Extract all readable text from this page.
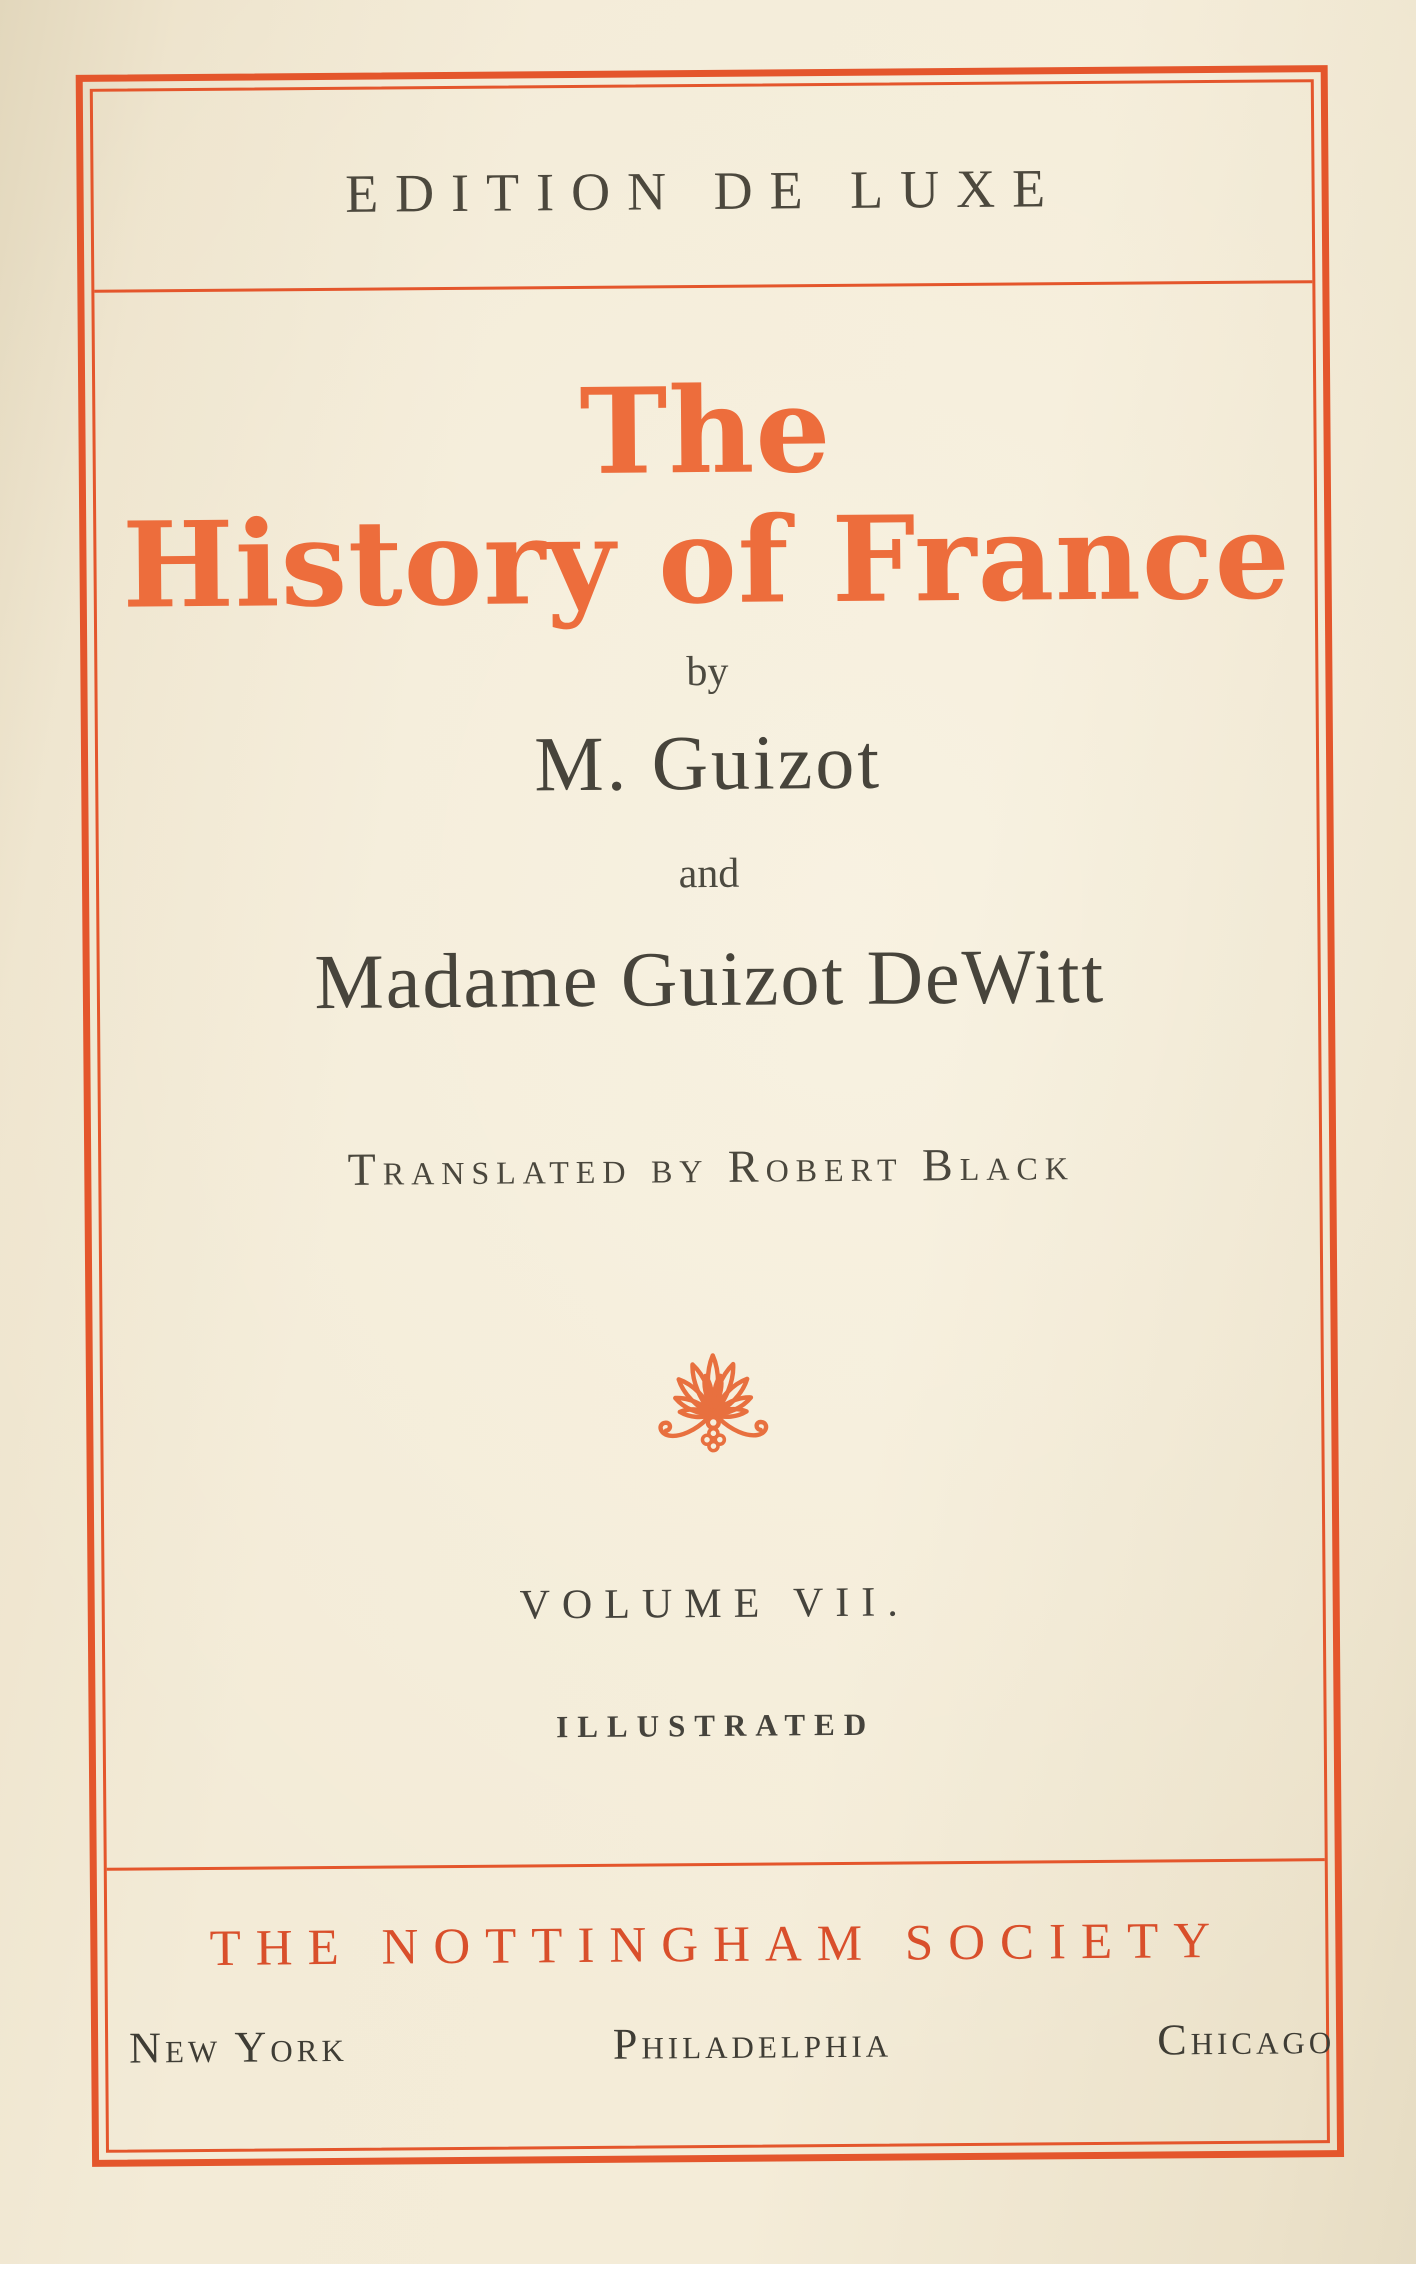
EDITION DE LUXE
The
History of France
by
M. Guizot
and
Madame Guizot DeWitt
Translated by Robert Black
VOLUME VII.
ILLUSTRATED
THE NOTTINGHAM SOCIETY
New York	Philadelphia	Chicago
